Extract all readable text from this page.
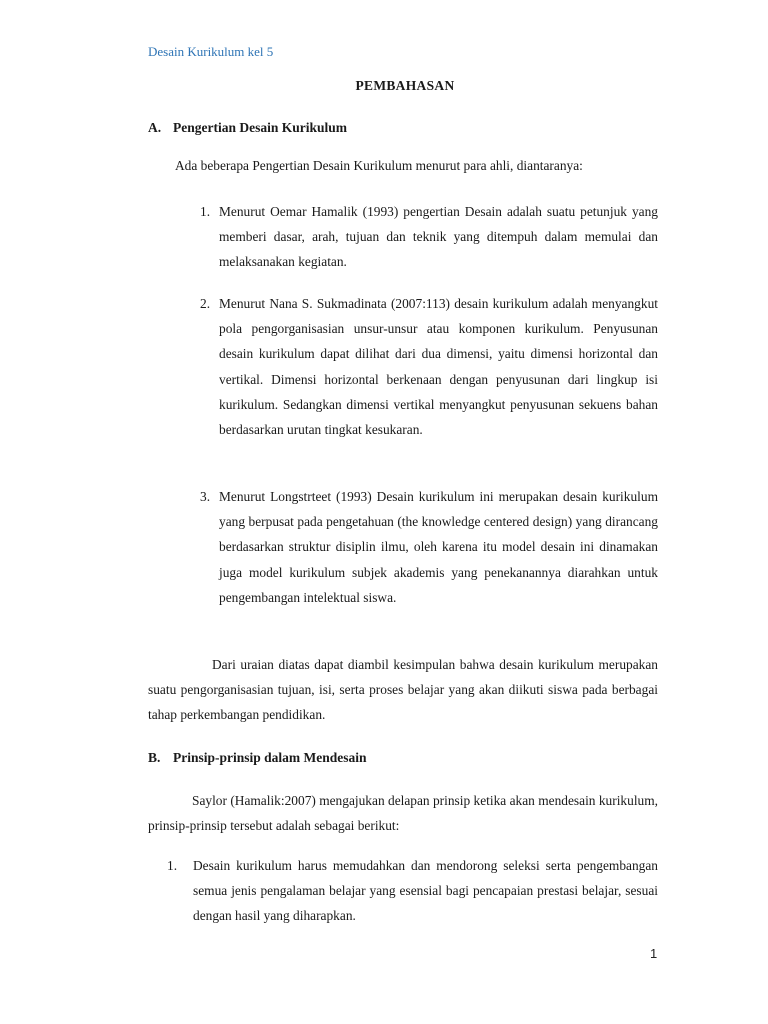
Desain Kurikulum kel 5
PEMBAHASAN
A. Pengertian Desain Kurikulum

Ada beberapa Pengertian Desain Kurikulum menurut para ahli, diantaranya:

1. Menurut Oemar Hamalik (1993) pengertian Desain adalah suatu petunjuk yang memberi dasar, arah, tujuan dan teknik yang ditempuh dalam memulai dan melaksanakan kegiatan.
2. Menurut Nana S. Sukmadinata (2007:113) desain kurikulum adalah menyangkut pola pengorganisasian unsur-unsur atau komponen kurikulum. Penyusunan desain kurikulum dapat dilihat dari dua dimensi, yaitu dimensi horizontal dan vertikal. Dimensi horizontal berkenaan dengan penyusunan dari lingkup isi kurikulum. Sedangkan dimensi vertikal menyangkut penyusunan sekuens bahan berdasarkan urutan tingkat kesukaran.
3. Menurut Longstrteet (1993) Desain kurikulum ini merupakan desain kurikulum yang berpusat pada pengetahuan (the knowledge centered design) yang dirancang berdasarkan struktur disiplin ilmu, oleh karena itu model desain ini dinamakan juga model kurikulum subjek akademis yang penekanannya diarahkan untuk pengembangan intelektual siswa.

Dari uraian diatas dapat diambil kesimpulan bahwa desain kurikulum merupakan suatu pengorganisasian tujuan, isi, serta proses belajar yang akan diikuti siswa pada berbagai tahap perkembangan pendidikan.

B. Prinsip-prinsip dalam Mendesain

Saylor (Hamalik:2007) mengajukan delapan prinsip ketika akan mendesain kurikulum, prinsip-prinsip tersebut adalah sebagai berikut:

1. Desain kurikulum harus memudahkan dan mendorong seleksi serta pengembangan semua jenis pengalaman belajar yang esensial bagi pencapaian prestasi belajar, sesuai dengan hasil yang diharapkan.
1
